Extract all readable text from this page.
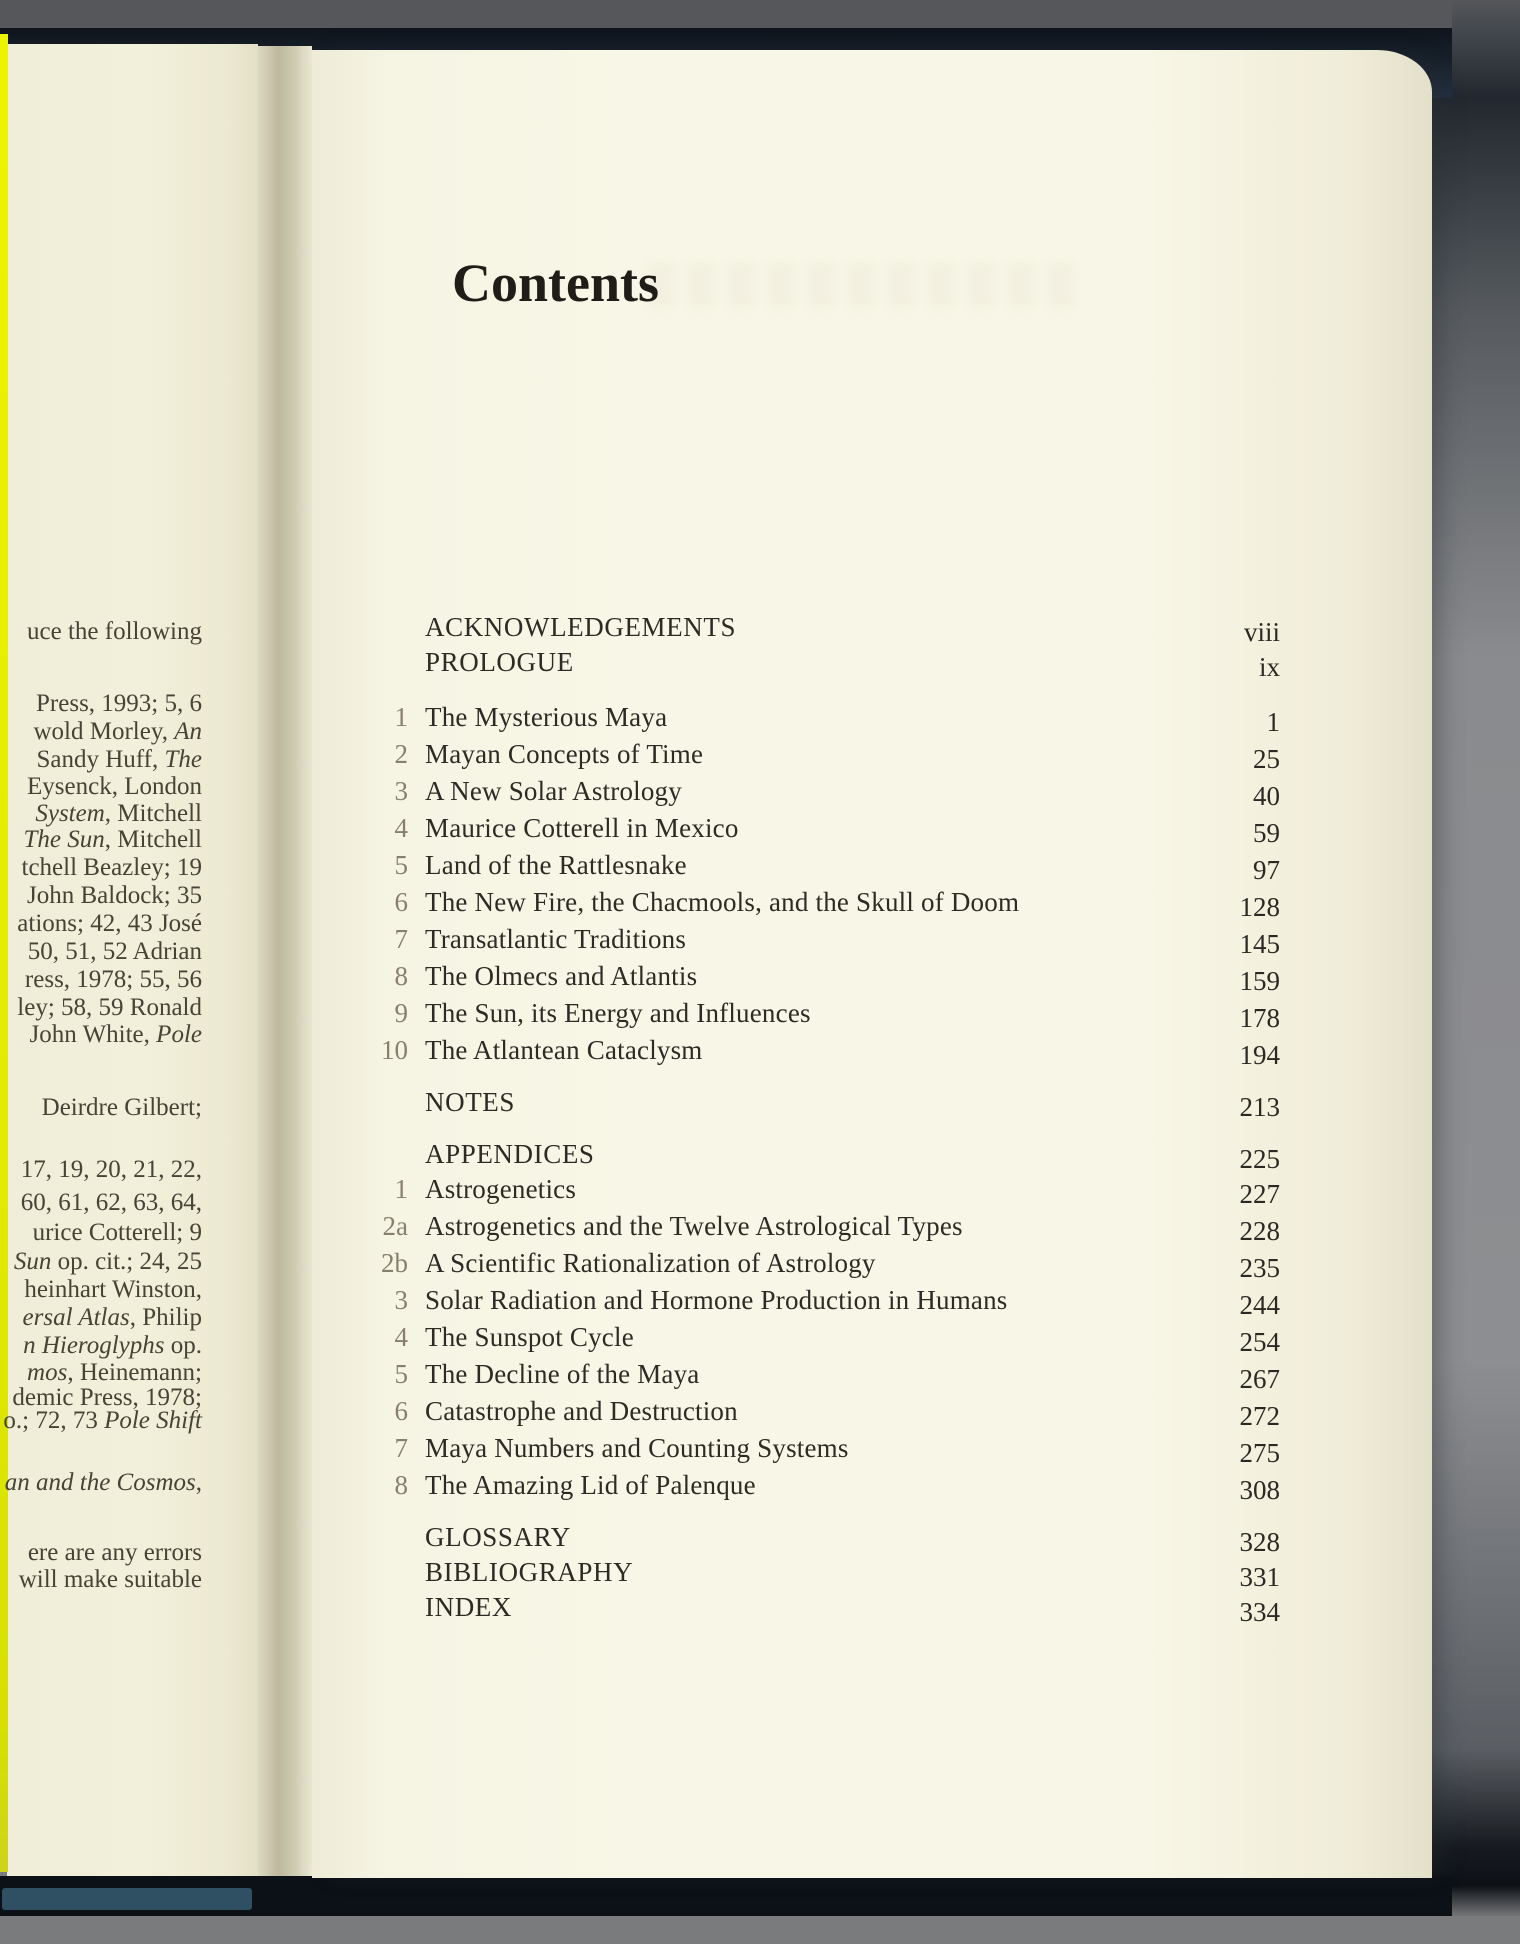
Contents
ACKNOWLEDGEMENTS	viii
PROLOGUE	ix
1 The Mysterious Maya	1
2 Mayan Concepts of Time	25
3 A New Solar Astrology	40
4 Maurice Cotterell in Mexico	59
5 Land of the Rattlesnake	97
6 The New Fire, the Chacmools, and the Skull of Doom	128
7 Transatlantic Traditions	145
8 The Olmecs and Atlantis	159
9 The Sun, its Energy and Influences	178
10 The Atlantean Cataclysm	194
NOTES	213
APPENDICES	225
1 Astrogenetics	227
2a Astrogenetics and the Twelve Astrological Types	228
2b A Scientific Rationalization of Astrology	235
3 Solar Radiation and Hormone Production in Humans	244
4 The Sunspot Cycle	254
5 The Decline of the Maya	267
6 Catastrophe and Destruction	272
7 Maya Numbers and Counting Systems	275
8 The Amazing Lid of Palenque	308
GLOSSARY	328
BIBLIOGRAPHY	331
INDEX	334
uce the following
Press, 1993; 5, 6
wold Morley, An
Sandy Huff, The
Eysenck, London
System, Mitchell
The Sun, Mitchell
tchell Beazley; 19
John Baldock; 35
ations; 42, 43 José
50, 51, 52 Adrian
ress, 1978; 55, 56
ley; 58, 59 Ronald
John White, Pole
Deirdre Gilbert;
17, 19, 20, 21, 22,
60, 61, 62, 63, 64,
urice Cotterell; 9
Sun op. cit.; 24, 25
heinhart Winston,
ersal Atlas, Philip
n Hieroglyphs op.
mos, Heinemann;
demic Press, 1978;
o.; 72, 73 Pole Shift
an and the Cosmos,
ere are any errors
will make suitable
